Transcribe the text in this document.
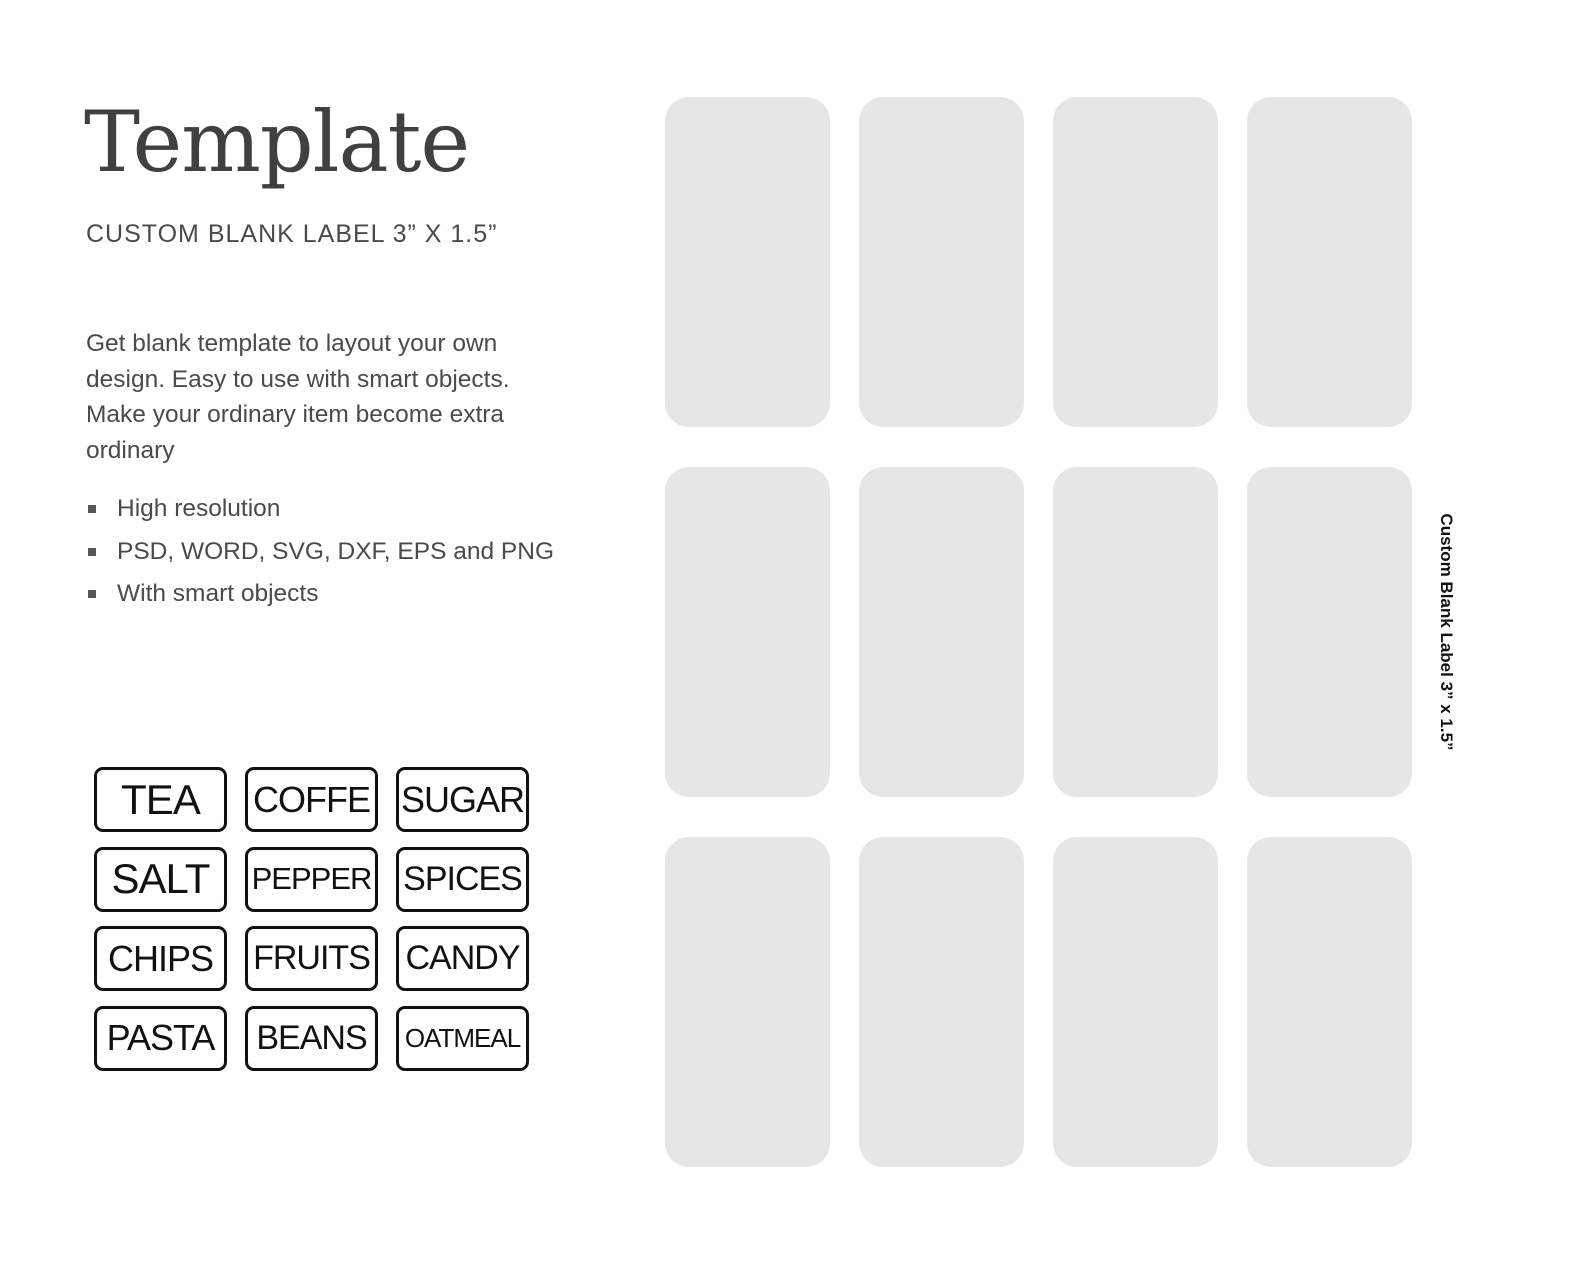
Template
CUSTOM BLANK LABEL 3” X 1.5”
Get blank template to layout your own design. Easy to use with smart objects. Make your ordinary item become extra ordinary
High resolution
PSD, WORD, SVG, DXF, EPS and PNG
With smart objects
TEA	COFFE SUGAR
SALT	PEPPER SPICES
CHIPS	FRUITS CANDY
PASTA	BEANS	OATMEAL
Custom Blank Label 3” x 1.5”
